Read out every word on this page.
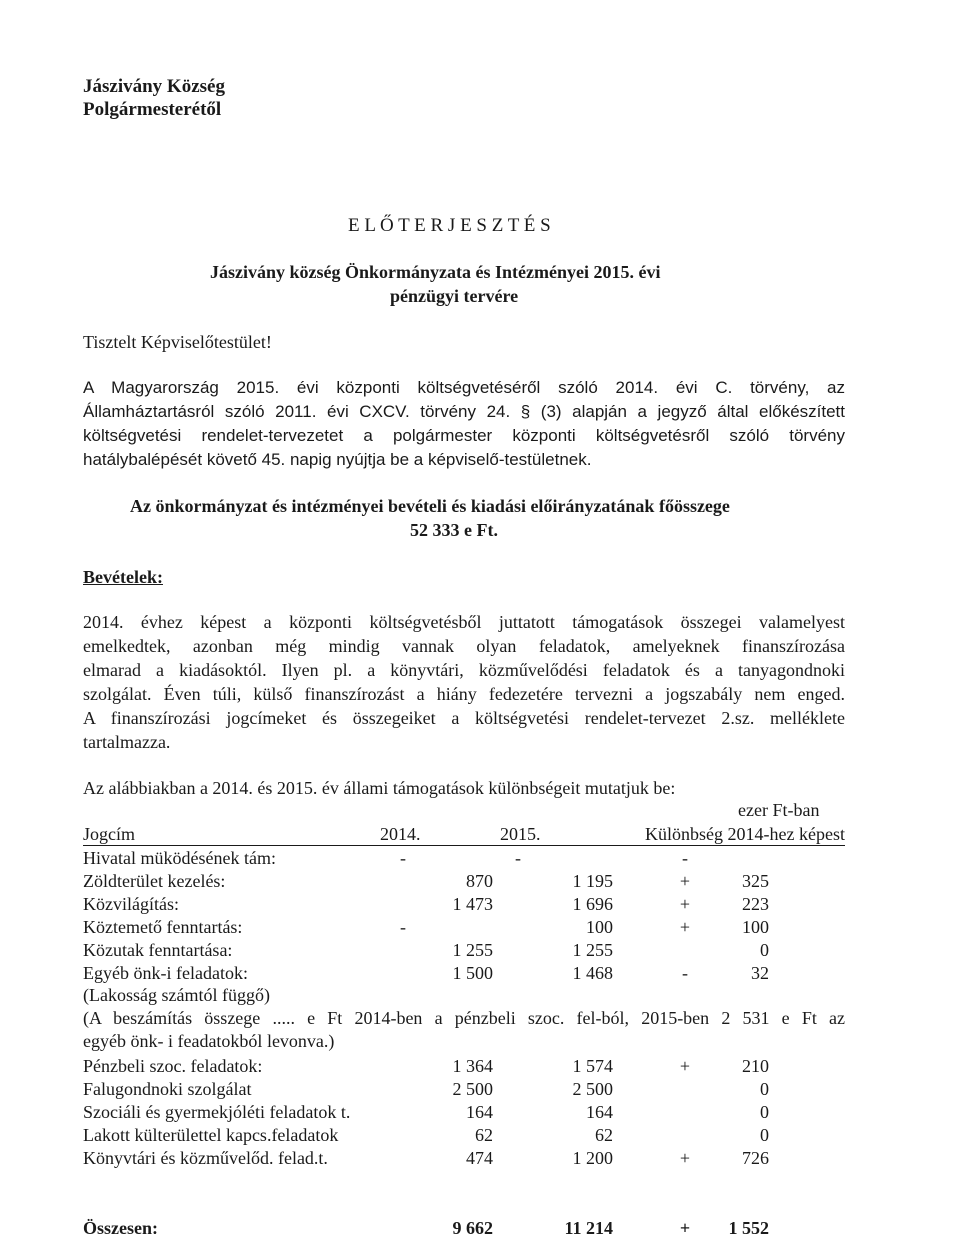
Jászivány Község
Polgármesterétől
E L Ő T E R J E S Z T É S
Jászivány község Önkormányzata és Intézményei 2015. évi
pénzügyi tervére
Tisztelt Képviselőtestület!
A Magyarország 2015. évi központi költségvetéséről szóló 2014. évi C. törvény, az
Államháztartásról szóló 2011. évi CXCV. törvény 24. § (3) alapján a jegyző által előkészített
költségvetési rendelet-tervezetet a polgármester központi költségvetésről szóló törvény
hatálybalépését követő 45. napig nyújtja be a képviselő-testületnek.
Az önkormányzat és intézményei bevételi és kiadási előirányzatának főösszege
52 333 e Ft.
Bevételek:
2014. évhez képest a központi költségvetésből juttatott támogatások összegei valamelyest
emelkedtek, azonban még mindig vannak olyan feladatok, amelyeknek finanszírozása
elmarad a kiadásoktól. Ilyen pl. a könyvtári, közművelődési feladatok és a tanyagondnoki
szolgálat. Éven túli, külső finanszírozást a hiány fedezetére tervezni a jogszabály nem enged.
A finanszírozási jogcímeket és összegeiket a költségvetési rendelet-tervezet 2.sz. melléklete
tartalmazza.
Az alábbiakban a 2014. és 2015. év állami támogatások különbségeit mutatjuk be:
ezer Ft-ban
Jogcím	2014.	2015.	Különbség 2014-hez képest
Hivatal müködésének tám:	-	-	-
Zöldterület kezelés:	870	1 195	+	325
Közvilágítás:	1 473	1 696	+	223
Köztemető fenntartás:	-	100	+	100
Közutak fenntartása:	1 255	1 255	0
Egyéb önk-i feladatok:	1 500	1 468	-	32
(Lakosság számtól függő)
(A beszámítás összege ..... e Ft 2014-ben a pénzbeli szoc. fel-ból, 2015-ben 2 531 e Ft az
egyéb önk- i feadatokból levonva.)
Pénzbeli szoc. feladatok:	1 364	1 574	+	210
Falugondnoki szolgálat	2 500	2 500	0
Szociáli és gyermekjóléti feladatok t.	164	164	0
Lakott külterülettel kapcs.feladatok	62	62	0
Könyvtári és közművelőd. felad.t.	474	1 200	+	726
Összesen:	9 662	11 214	+ 1 552
